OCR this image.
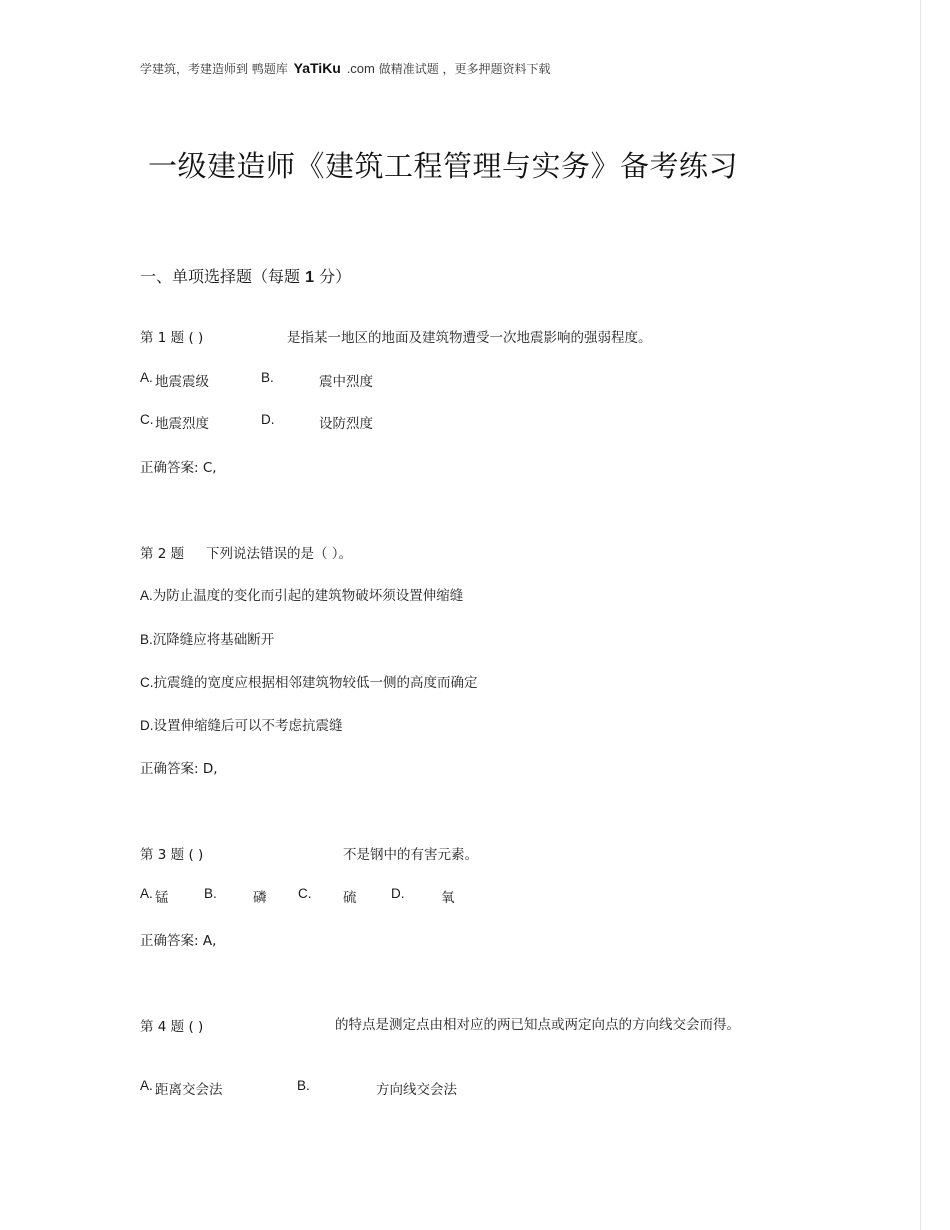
学建筑，考建造师到 鸭题库 YaTiKu .com 做精准试题 ，更多押题资料下载
一级建造师《建筑工程管理与实务》备考练习
一、单项选择题（每题 1 分）
第 1 题 ( )	是指某一地区的地面及建筑物遭受一次地震影响的强弱程度。
A. 地震震级	B.	震中烈度
C. 地震烈度	D.	设防烈度
正确答案: C,
第 2 题 下列说法错误的是（ ）。
A.为防止温度的变化而引起的建筑物破坏须设置伸缩缝
B.沉降缝应将基础断开
C.抗震缝的宽度应根据相邻建筑物较低一侧的高度而确定
D.设置伸缩缝后可以不考虑抗震缝
正确答案: D,
第 3 题 ( )	不是钢中的有害元素。
A. 锰	B.	磷 C. 硫	D.	氧
正确答案: A,
第 4 题 ( )	的特点是测定点由相对应的两已知点或两定向点的方向线交会而得。
A. 距离交会法	B.	方向线交会法
